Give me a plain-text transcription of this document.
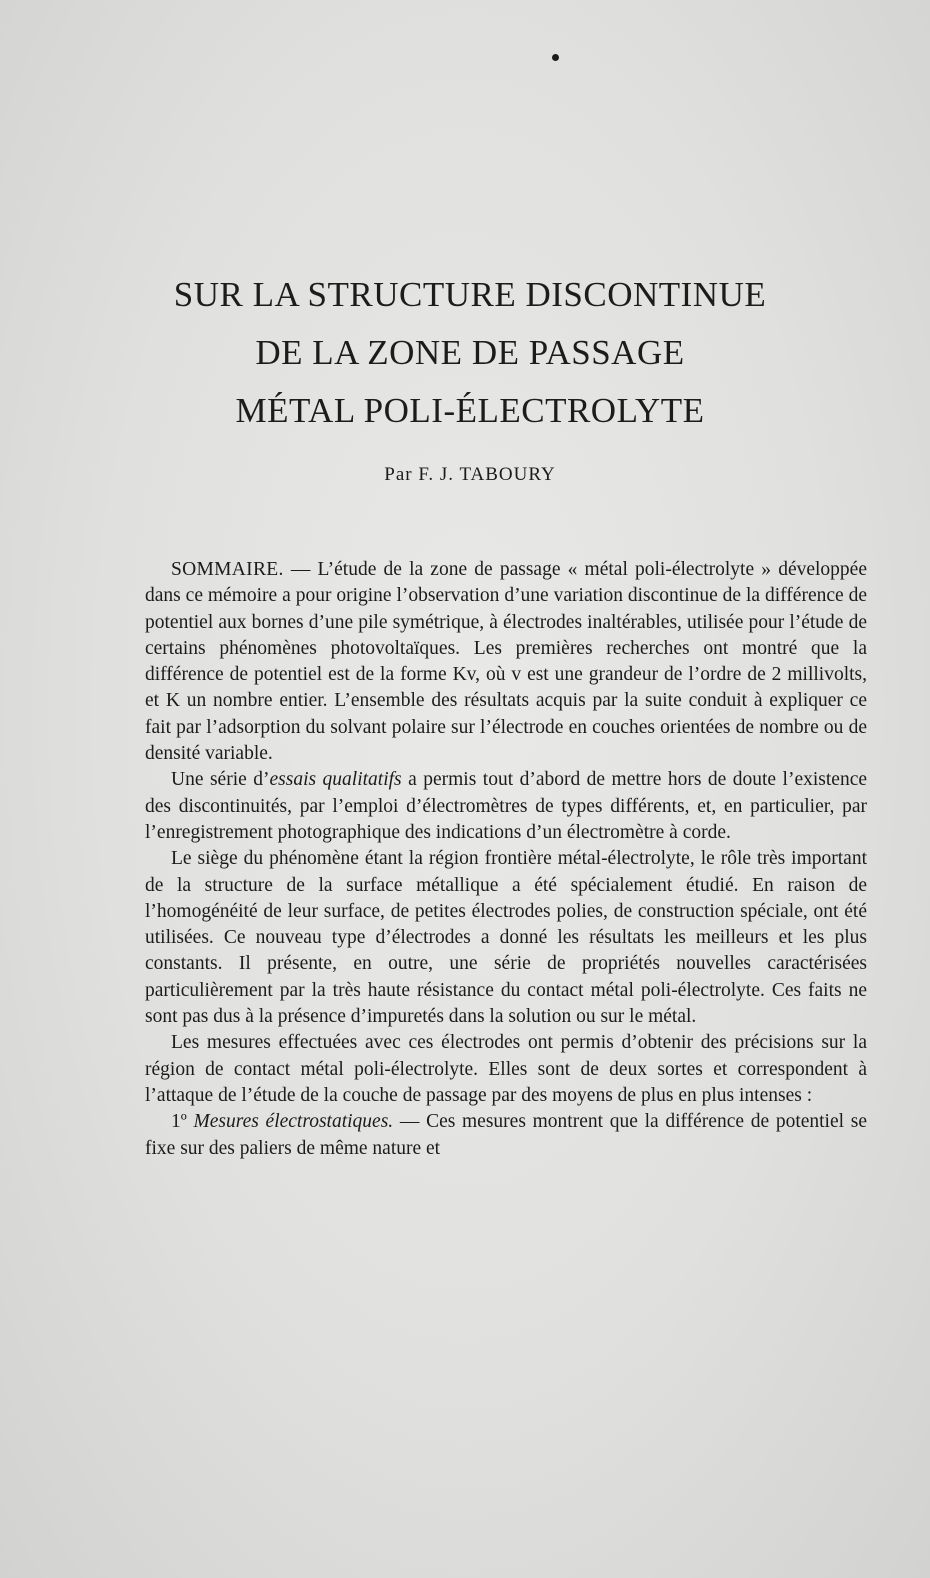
SUR LA STRUCTURE DISCONTINUE
DE LA ZONE DE PASSAGE
MÉTAL POLI-ÉLECTROLYTE
Par F. J. TABOURY

SOMMAIRE. — L’étude de la zone de passage « métal poli-électrolyte » développée dans ce mémoire a pour origine l’observation d’une variation discontinue de la différence de potentiel aux bornes d’une pile symétrique, à électrodes inaltérables, utilisée pour l’étude de certains phénomènes photovoltaïques. Les premières recherches ont montré que la différence de potentiel est de la forme Kv, où v est une grandeur de l’ordre de 2 millivolts, et K un nombre entier. L’ensemble des résultats acquis par la suite conduit à expliquer ce fait par l’adsorption du solvant polaire sur l’électrode en couches orientées de nombre ou de densité variable.

Une série d’essais qualitatifs a permis tout d’abord de mettre hors de doute l’existence des discontinuités, par l’emploi d’électromètres de types différents, et, en particulier, par l’enregistrement photographique des indications d’un électromètre à corde.

Le siège du phénomène étant la région frontière métal-électrolyte, le rôle très important de la structure de la surface métallique a été spécialement étudié. En raison de l’homogénéité de leur surface, de petites électrodes polies, de construction spéciale, ont été utilisées. Ce nouveau type d’électrodes a donné les résultats les meilleurs et les plus constants. Il présente, en outre, une série de propriétés nouvelles caractérisées particulièrement par la très haute résistance du contact métal poli-électrolyte. Ces faits ne sont pas dus à la présence d’impuretés dans la solution ou sur le métal.

Les mesures effectuées avec ces électrodes ont permis d’obtenir des précisions sur la région de contact métal poli-électrolyte. Elles sont de deux sortes et correspondent à l’attaque de l’étude de la couche de passage par des moyens de plus en plus intenses :

1º Mesures électrostatiques. — Ces mesures montrent que la différence de potentiel se fixe sur des paliers de même nature et
